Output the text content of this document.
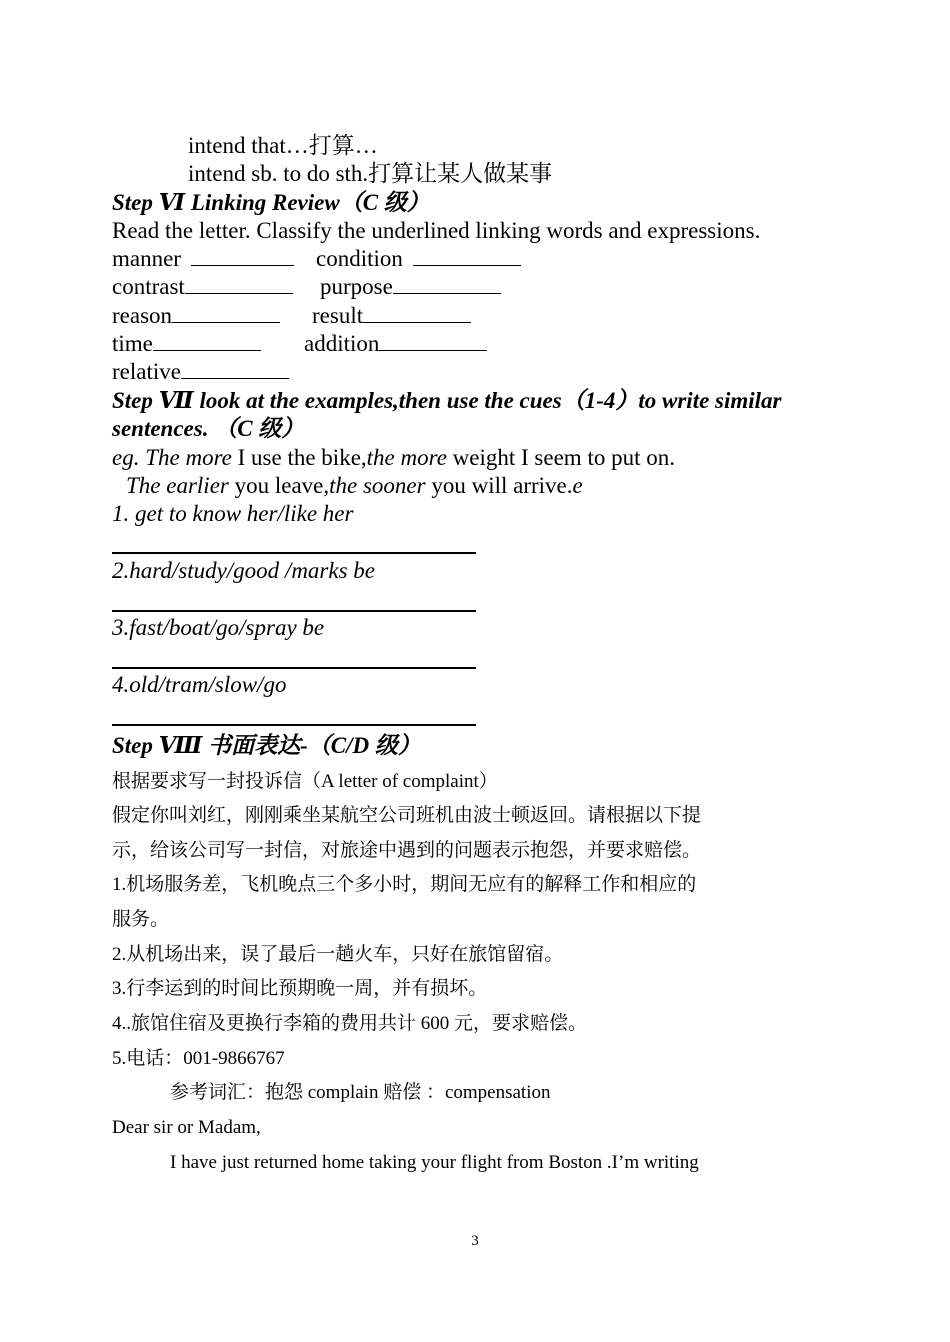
intend that…打算…
intend sb. to do sth.打算让某人做某事
Step Ⅵ Linking Review（C 级）
Read the letter. Classify the underlined linking words and expressions.
manner	condition
contrast	purpose
reason	result
time	addition
relative
Step Ⅶ look at the examples,then use the cues（1-4）to write similar
sentences. （C 级）
eg. The more I use the bike,the more weight I seem to put on.
The earlier you leave,the sooner you will arrive.e
1. get to know her/like her
2.hard/study/good /marks be
3.fast/boat/go/spray be
4.old/tram/slow/go
Step Ⅷ 书面表达-（C/D 级）
根据要求写一封投诉信（A letter of complaint）
假定你叫刘红，刚刚乘坐某航空公司班机由波士顿返回。请根据以下提
示，给该公司写一封信，对旅途中遇到的问题表示抱怨，并要求赔偿。
1.机场服务差，飞机晚点三个多小时，期间无应有的解释工作和相应的
服务。
2.从机场出来，误了最后一趟火车，只好在旅馆留宿。
3.行李运到的时间比预期晚一周，并有损坏。
4..旅馆住宿及更换行李箱的费用共计 600 元，要求赔偿。
5.电话：001-9866767
参考词汇：抱怨 complain 赔偿 ：compensation
Dear sir or Madam,
I have just returned home taking your flight from Boston .I’m writing
3
